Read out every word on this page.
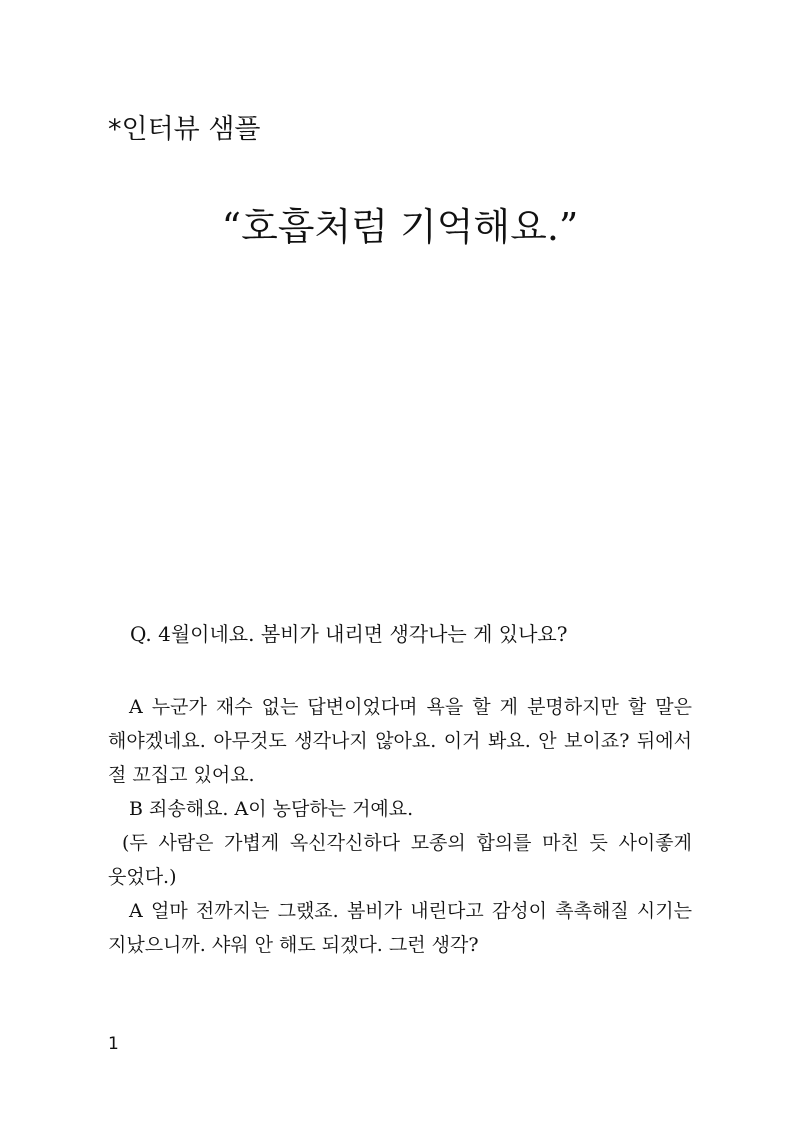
*인터뷰 샘플
“호흡처럼 기억해요.”

Q. 4월이네요. 봄비가 내리면 생각나는 게 있나요?

A 누군가 재수 없는 답변이었다며 욕을 할 게 분명하지만 할 말은 해야겠네요. 아무것도 생각나지 않아요. 이거 봐요. 안 보이죠? 뒤에서 절 꼬집고 있어요.

B 죄송해요. A이 농담하는 거예요.

(두 사람은 가볍게 옥신각신하다 모종의 합의를 마친 듯 사이좋게 웃었다.)

A 얼마 전까지는 그랬죠. 봄비가 내린다고 감성이 촉촉해질 시기는 지났으니까. 샤워 안 해도 되겠다. 그런 생각?

1
